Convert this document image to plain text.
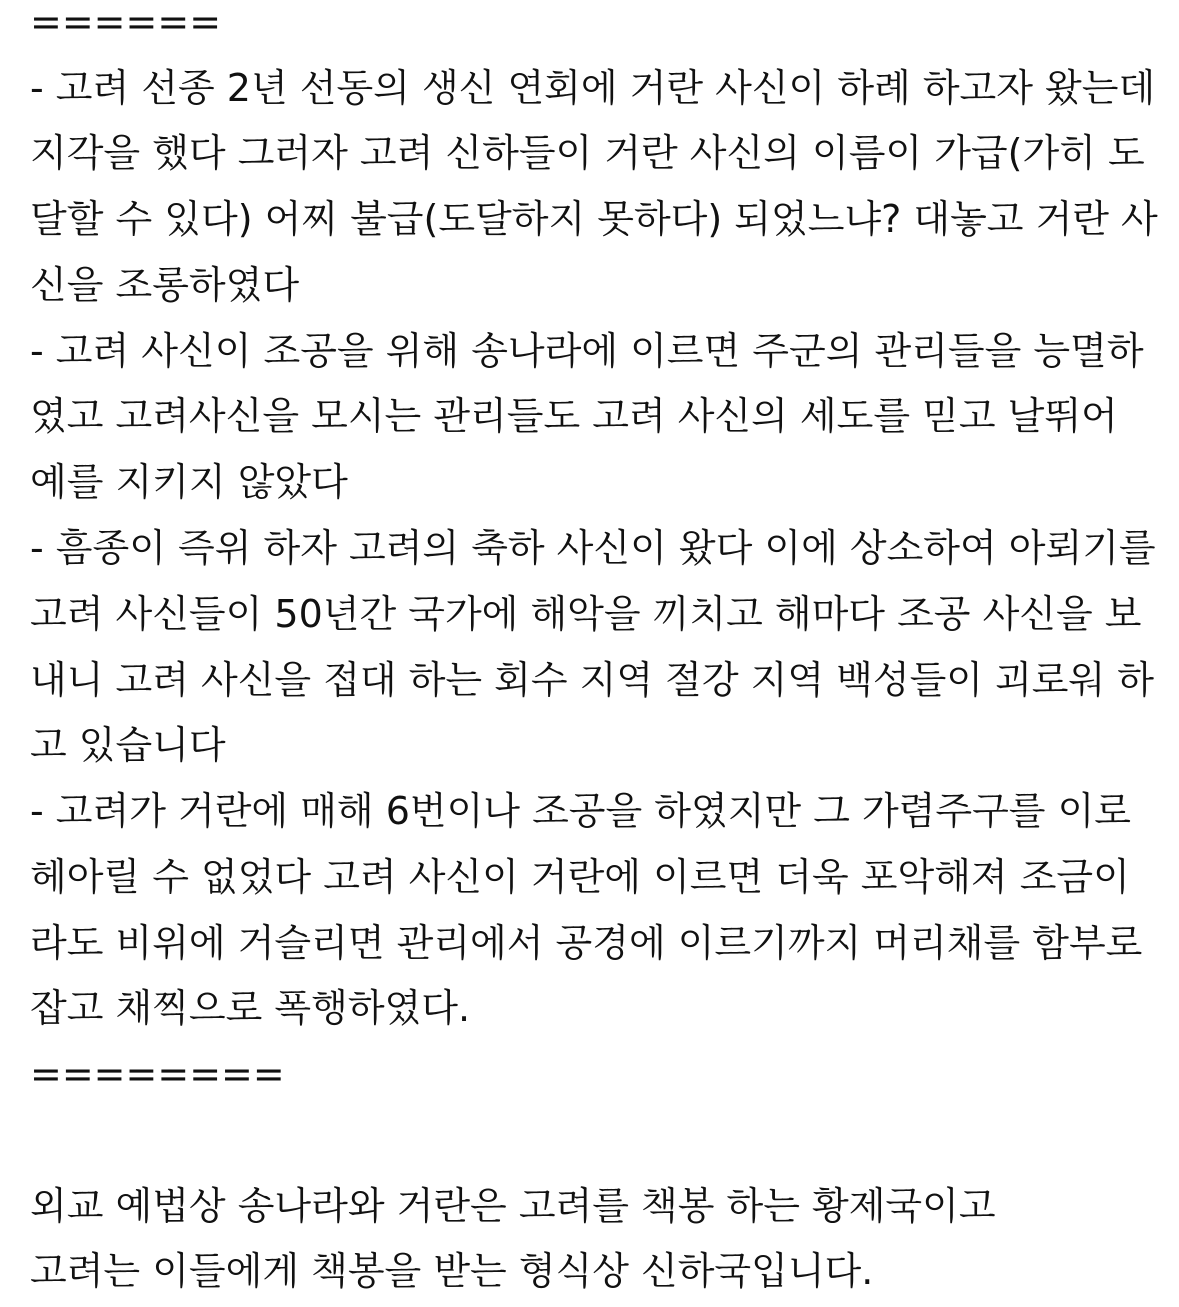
======
- 고려 선종 2년 선동의 생신 연회에 거란 사신이 하례 하고자 왔는데
지각을 했다 그러자 고려 신하들이 거란 사신의 이름이 가급(가히 도
달할 수 있다) 어찌 불급(도달하지 못하다) 되었느냐? 대놓고 거란 사
신을 조롱하였다
- 고려 사신이 조공을 위해 송나라에 이르면 주군의 관리들을 능멸하
였고 고려사신을 모시는 관리들도 고려 사신의 세도를 믿고 날뛰어
예를 지키지 않았다
- 흠종이 즉위 하자 고려의 축하 사신이 왔다 이에 상소하여 아뢰기를
고려 사신들이 50년간 국가에 해악을 끼치고 해마다 조공 사신을 보
내니 고려 사신을 접대 하는 회수 지역 절강 지역 백성들이 괴로워 하
고 있습니다
- 고려가 거란에 매해 6번이나 조공을 하였지만 그 가렴주구를 이로
헤아릴 수 없었다 고려 사신이 거란에 이르면 더욱 포악해져 조금이
라도 비위에 거슬리면 관리에서 공경에 이르기까지 머리채를 함부로
잡고 채찍으로 폭행하였다.
========
외교 예법상 송나라와 거란은 고려를 책봉 하는 황제국이고
고려는 이들에게 책봉을 받는 형식상 신하국입니다.
